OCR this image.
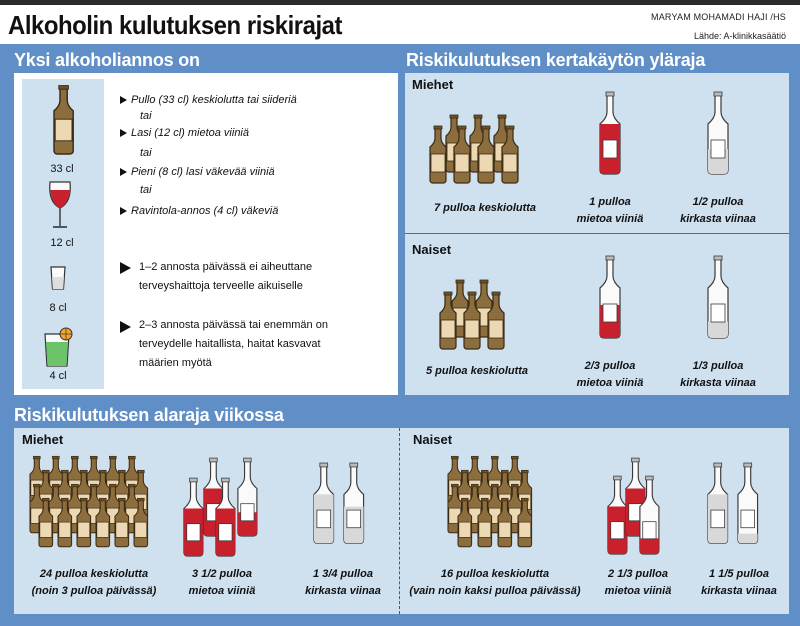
Alkoholin kulutuksen riskirajat	MARYAM MOHAMADI HAJI /HS
Lähde: A-klinikkasäätiö
Yksi alkoholiannos on
33 cl
12 cl
8 cl
4 cl
Pullo (33 cl) keskiolutta tai siideriä
tai
Lasi (12 cl) mietoa viiniä
tai
Pieni (8 cl) lasi väkevää viiniä
tai
Ravintola-annos (4 cl) väkeviä
1–2 annosta päivässä ei aiheuttane
terveyshaittoja terveelle aikuiselle
2–3 annosta päivässä tai enemmän on
terveydelle haitallista, haitat kasvavat
määrien myötä
Riskikulutuksen kertakäytön yläraja
Miehet
Naiset
7 pulloa keskiolutta	1 pulloa
mietoa viiniä
1/2 pulloa
kirkasta viinaa
5 pulloa keskiolutta	2/3 pulloa
mietoa viiniä
1/3 pulloa
kirkasta viinaa
Riskikulutuksen alaraja viikossa
Miehet	Naiset
24 pulloa keskiolutta
(noin 3 pulloa päivässä)
3 1/2 pulloa
mietoa viiniä
1 3/4 pulloa
kirkasta viinaa
16 pulloa keskiolutta
(vain noin kaksi pulloa päivässä)
2 1/3 pulloa
mietoa viiniä
1 1/5 pulloa
kirkasta viinaa
